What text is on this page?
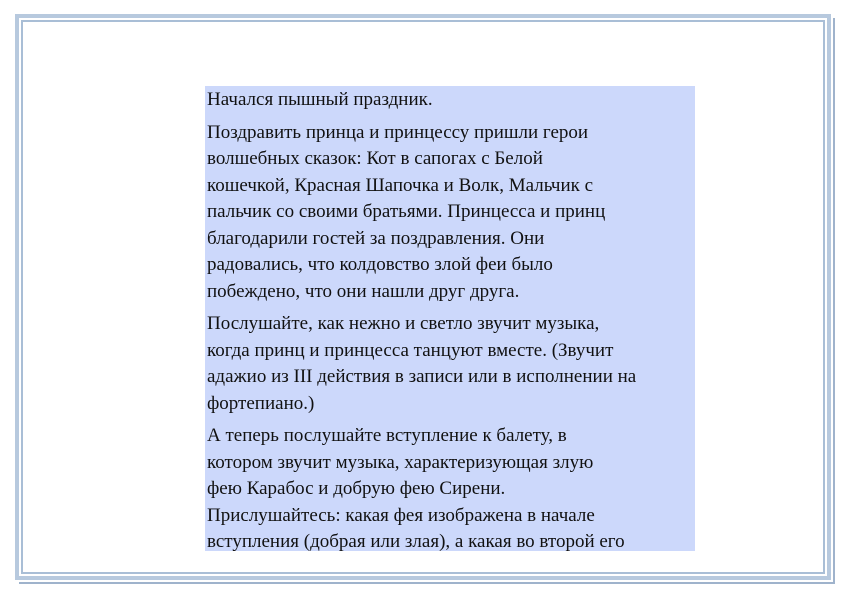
Начался пышный праздник.

Поздравить принца и принцессу пришли герои
волшебных сказок: Кот в сапогах с Белой
кошечкой, Красная Шапочка и Волк, Мальчик с
пальчик со своими братьями. Принцесса и принц
благодарили гостей за поздравления. Они
радовались, что колдовство злой феи было
побеждено, что они нашли друг друга.

Послушайте, как нежно и светло звучит музыка,
когда принц и принцесса танцуют вместе. (Звучит
адажио из III действия в записи или в исполнении на
фортепиано.)

А теперь послушайте вступление к балету, в
котором звучит музыка, характеризующая злую
фею Карабос и добрую фею Сирени.
Прислушайтесь: какая фея изображена в начале
вступления (добрая или злая), а какая во второй его
